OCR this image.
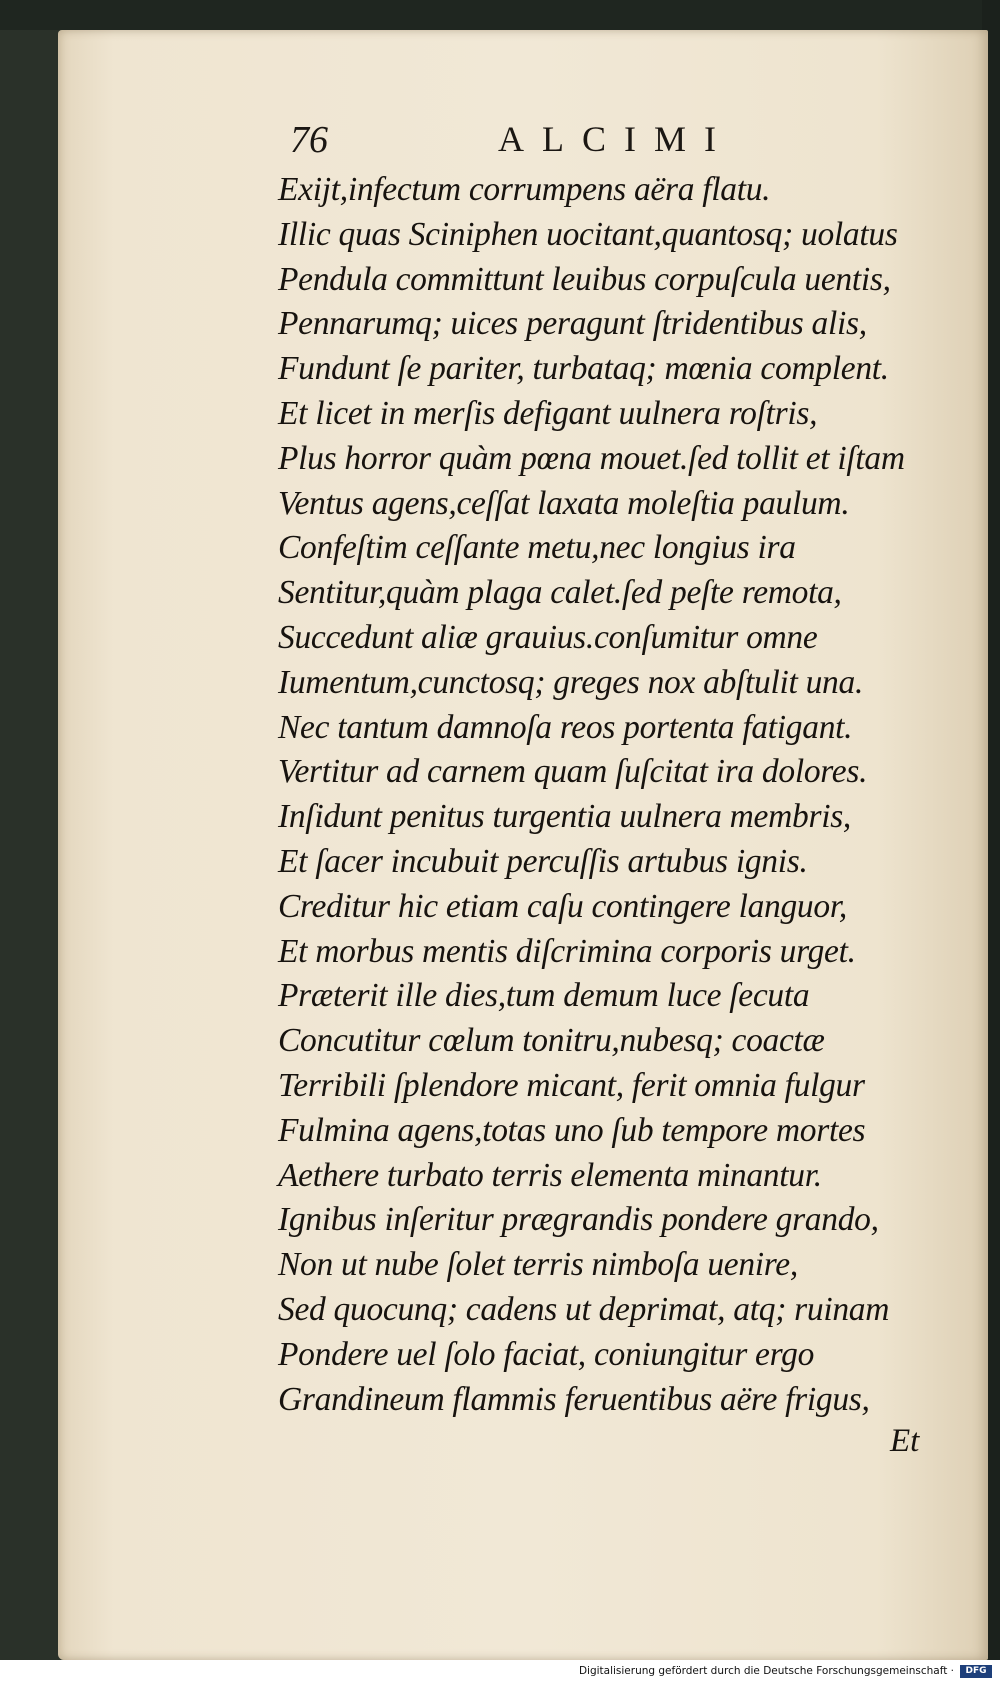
76	ALCIMI
Exijt,infectum corrumpens aëra flatu.
Illic quas Sciniphen uocitant,quantosq; uolatus
Pendula committunt leuibus corpuſcula uentis,
Pennarumq; uices peragunt ſtridentibus alis,
Fundunt ſe pariter, turbataq; mœnia complent.
Et licet in merſis defigant uulnera roſtris,
Plus horror quàm pœna mouet.ſed tollit et iſtam
Ventus agens,ceſſat laxata moleſtia paulum.
Confeſtim ceſſante metu,nec longius ira
Sentitur,quàm plaga calet.ſed peſte remota,
Succedunt aliæ grauius.conſumitur omne
Iumentum,cunctosq; greges nox abſtulit una.
Nec tantum damnoſa reos portenta fatigant.
Vertitur ad carnem quam ſuſcitat ira dolores.
Inſidunt penitus turgentia uulnera membris,
Et ſacer incubuit percuſſis artubus ignis.
Creditur hic etiam caſu contingere languor,
Et morbus mentis diſcrimina corporis urget.
Præterit ille dies,tum demum luce ſecuta
Concutitur cœlum tonitru,nubesq; coactæ
Terribili ſplendore micant, ferit omnia fulgur
Fulmina agens,totas uno ſub tempore mortes
Aethere turbato terris elementa minantur.
Ignibus inſeritur prægrandis pondere grando,
Non ut nube ſolet terris nimboſa uenire,
Sed quocunq; cadens ut deprimat, atq; ruinam
Pondere uel ſolo faciat, coniungitur ergo
Grandineum flammis feruentibus aëre frigus,
Et
Digitalisierung gefördert durch die Deutsche Forschungsgemeinschaft ·	DFG
